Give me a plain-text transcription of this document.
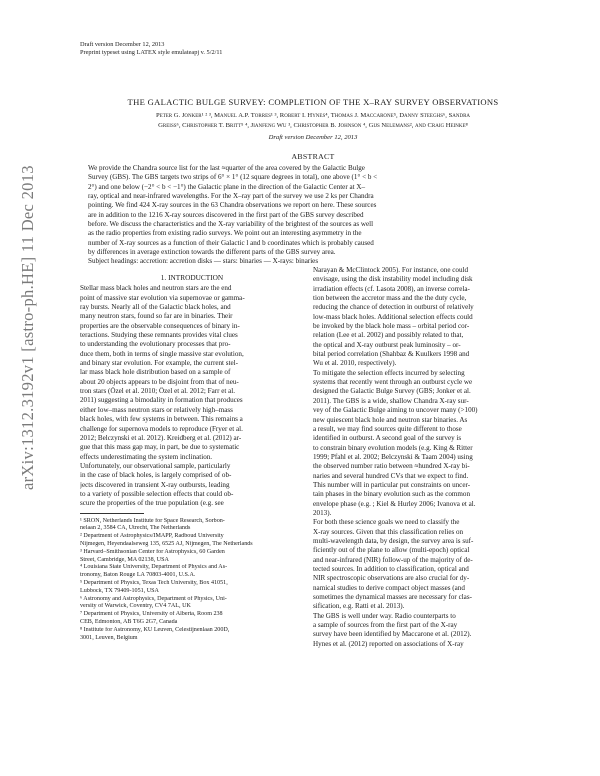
arXiv:1312.3192v1 [astro-ph.HE] 11 Dec 2013
Draft version December 12, 2013
Preprint typeset using LATEX style emulateapj v. 5/2/11
THE GALACTIC BULGE SURVEY: COMPLETION OF THE X–RAY SURVEY OBSERVATIONS
Peter G. Jonker¹ ² ³, Manuel A.P. Torres¹ ³, Robert I. Hynes⁴, Thomas J. Maccarone⁵, Danny Steeghs⁶, Sandra
Greiss⁶, Christopher T. Britt⁵ ⁴, Jianfeng Wu ³, Christopher B. Johnson ⁴, Gijs Nelemans², and Craig Heinke⁸
Draft version December 12, 2013
ABSTRACT
We provide the Chandra source list for the last ≈quarter of the area covered by the Galactic Bulge
Survey (GBS). The GBS targets two strips of 6° × 1° (12 square degrees in total), one above (1° < b <
2°) and one below (−2° < b < −1°) the Galactic plane in the direction of the Galactic Center at X–
ray, optical and near-infrared wavelengths. For the X–ray part of the survey we use 2 ks per Chandra
pointing. We find 424 X-ray sources in the 63 Chandra observations we report on here. These sources
are in addition to the 1216 X-ray sources discovered in the first part of the GBS survey described
before. We discuss the characteristics and the X-ray variability of the brightest of the sources as well
as the radio properties from existing radio surveys. We point out an interesting asymmetry in the
number of X-ray sources as a function of their Galactic l and b coordinates which is probably caused
by differences in average extinction towards the different parts of the GBS survey area.
Subject headings: accretion: accretion disks — stars: binaries — X-rays: binaries
1. INTRODUCTION
Stellar mass black holes and neutron stars are the end
point of massive star evolution via supernovae or gamma-
ray bursts. Nearly all of the Galactic black holes, and
many neutron stars, found so far are in binaries. Their
properties are the observable consequences of binary in-
teractions. Studying these remnants provides vital clues
to understanding the evolutionary processes that pro-
duce them, both in terms of single massive star evolution,
and binary star evolution. For example, the current stel-
lar mass black hole distribution based on a sample of
about 20 objects appears to be disjoint from that of neu-
tron stars (Özel et al. 2010; Özel et al. 2012; Farr et al.
2011) suggesting a bimodality in formation that produces
either low–mass neutron stars or relatively high–mass
black holes, with few systems in between. This remains a
challenge for supernova models to reproduce (Fryer et al.
2012; Belczynski et al. 2012). Kreidberg et al. (2012) ar-
gue that this mass gap may, in part, be due to systematic
effects underestimating the system inclination.
Unfortunately, our observational sample, particularly
in the case of black holes, is largely comprised of ob-
jects discovered in transient X-ray outbursts, leading
to a variety of possible selection effects that could ob-
scure the properties of the true population (e.g. see
¹ SRON, Netherlands Institute for Space Research, Sorbon-
nelaan 2, 3584 CA, Utrecht, The Netherlands
² Department of Astrophysics/IMAPP, Radboud University
Nijmegen, Heyendaalseweg 135, 6525 AJ, Nijmegen, The Netherlands
³ Harvard–Smithsonian Center for Astrophysics, 60 Garden
Street, Cambridge, MA 02138, USA
⁴ Louisiana State University, Department of Physics and As-
tronomy, Baton Rouge LA 70803-4001, U.S.A.
⁵ Department of Physics, Texas Tech University, Box 41051,
Lubbock, TX 79409-1051, USA
⁶ Astronomy and Astrophysics, Department of Physics, Uni-
versity of Warwick, Coventry, CV4 7AL, UK
⁷ Department of Physics, University of Alberta, Room 238
CEB, Edmonton, AB T6G 2G7, Canada
⁸ Institute for Astronomy, KU Leuven, Celestijnenlaan 200D,
3001, Leuven, Belgium
Narayan & McClintock 2005). For instance, one could
envisage, using the disk instability model including disk
irradiation effects (cf. Lasota 2008), an inverse correla-
tion between the accretor mass and the the duty cycle,
reducing the chance of detection in outburst of relatively
low-mass black holes. Additional selection effects could
be invoked by the black hole mass – orbital period cor-
relation (Lee et al. 2002) and possibly related to that,
the optical and X-ray outburst peak luminosity – or-
bital period correlation (Shahbaz & Kuulkers 1998 and
Wu et al. 2010, respectively).
To mitigate the selection effects incurred by selecting
systems that recently went through an outburst cycle we
designed the Galactic Bulge Survey (GBS; Jonker et al.
2011). The GBS is a wide, shallow Chandra X-ray sur-
vey of the Galactic Bulge aiming to uncover many (>100)
new quiescent black hole and neutron star binaries. As
a result, we may find sources quite different to those
identified in outburst. A second goal of the survey is
to constrain binary evolution models (e.g. King & Ritter
1999; Pfahl et al. 2002; Belczynski & Taam 2004) using
the observed number ratio between ≈hundred X-ray bi-
naries and several hundred CVs that we expect to find.
This number will in particular put constraints on uncer-
tain phases in the binary evolution such as the common
envelope phase (e.g. ; Kiel & Hurley 2006; Ivanova et al.
2013).
For both these science goals we need to classify the
X-ray sources. Given that this classification relies on
multi-wavelength data, by design, the survey area is suf-
ficiently out of the plane to allow (multi-epoch) optical
and near-infrared (NIR) follow-up of the majority of de-
tected sources. In addition to classification, optical and
NIR spectroscopic observations are also crucial for dy-
namical studies to derive compact object masses (and
sometimes the dynamical masses are necessary for clas-
sification, e.g. Ratti et al. 2013).
The GBS is well under way. Radio counterparts to
a sample of sources from the first part of the X-ray
survey have been identified by Maccarone et al. (2012).
Hynes et al. (2012) reported on associations of X-ray
